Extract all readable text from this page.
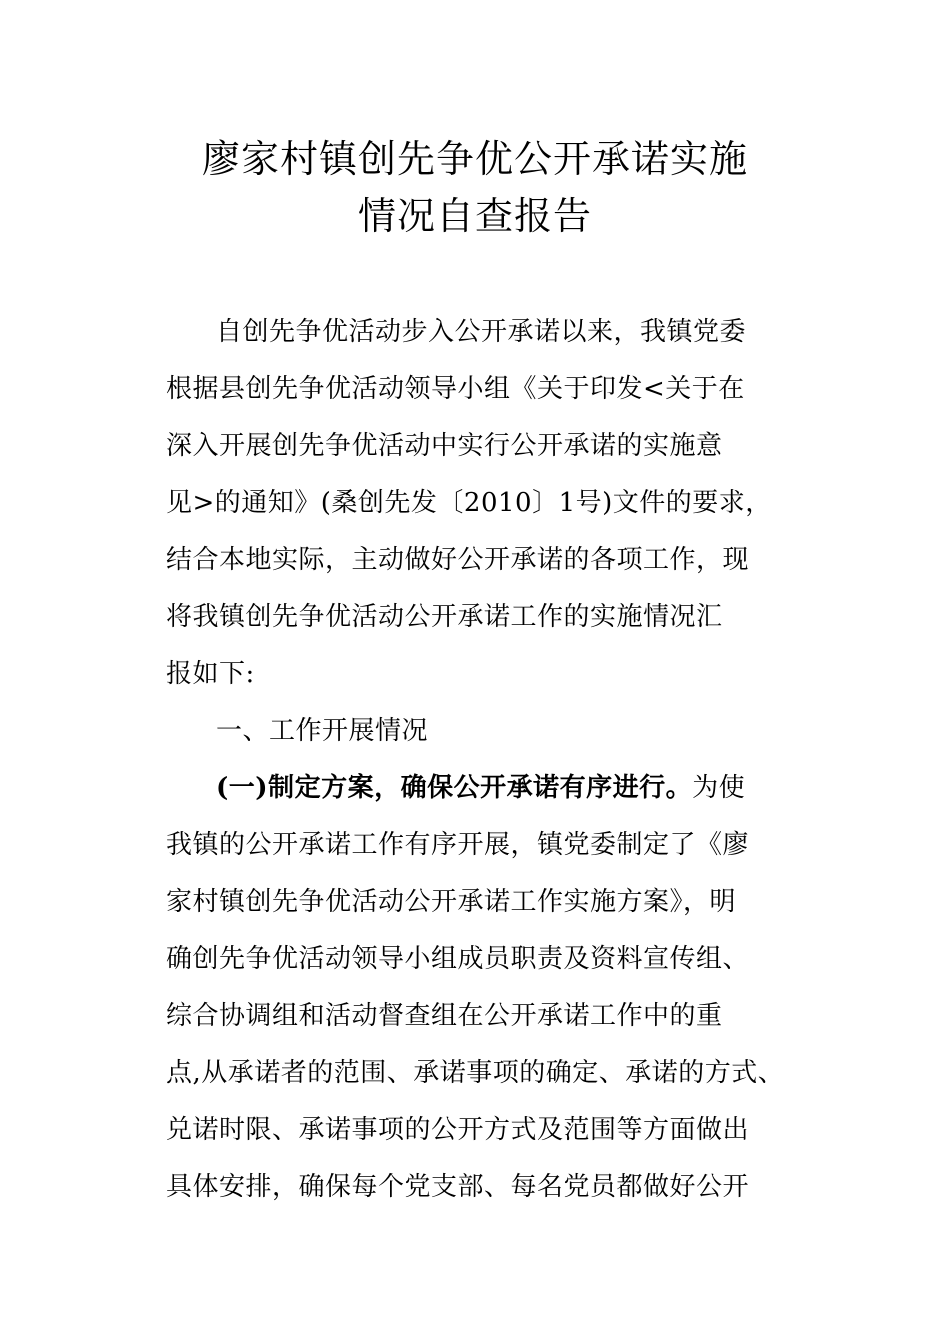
廖家村镇创先争优公开承诺实施
情况自查报告
自创先争优活动步入公开承诺以来，我镇党委
根据县创先争优活动领导小组《关于印发<关于在
深入开展创先争优活动中实行公开承诺的实施意
见>的通知》(桑创先发〔2010〕1号)文件的要求，
结合本地实际，主动做好公开承诺的各项工作，现
将我镇创先争优活动公开承诺工作的实施情况汇
报如下:
一、工作开展情况
(一)制定方案，确保公开承诺有序进行。为使
我镇的公开承诺工作有序开展，镇党委制定了《廖
家村镇创先争优活动公开承诺工作实施方案》，明
确创先争优活动领导小组成员职责及资料宣传组、
综合协调组和活动督查组在公开承诺工作中的重
点,从承诺者的范围、承诺事项的确定、承诺的方式、
兑诺时限、承诺事项的公开方式及范围等方面做出
具体安排，确保每个党支部、每名党员都做好公开
